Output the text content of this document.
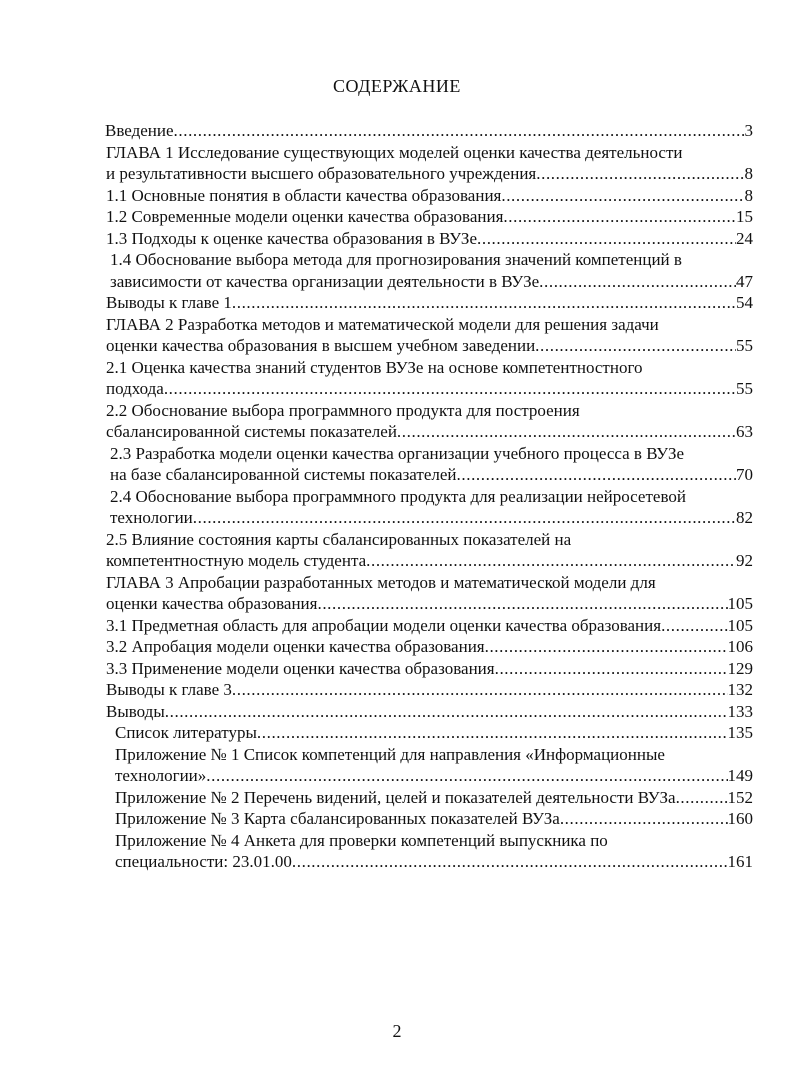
СОДЕРЖАНИЕ
Введение .....	3
ГЛАВА 1 Исследование существующих моделей оценки качества деятельности
и результативности высшего образовательного учреждения .....	8
1.1 Основные понятия в области качества образования .....	8
1.2 Современные модели оценки качества образования .....	15
1.3 Подходы к оценке качества образования в ВУЗе .....	24
1.4 Обоснование выбора метода для прогнозирования значений компетенций в
зависимости от качества организации деятельности в ВУЗе .....	47
Выводы к главе 1 .....	54
ГЛАВА 2 Разработка методов и математической модели для решения задачи
оценки качества образования в высшем учебном заведении .....	55
2.1 Оценка качества знаний студентов ВУЗе на основе компетентностного
подхода .....	55
2.2 Обоснование выбора программного продукта для построения
сбалансированной системы показателей .....	63
2.3 Разработка модели оценки качества организации учебного процесса в ВУЗе
на базе сбалансированной системы показателей .....	70
2.4 Обоснование выбора программного продукта для реализации нейросетевой
технологии .....	82
2.5 Влияние состояния карты сбалансированных показателей на
компетентностную модель студента .....	92
ГЛАВА 3 Апробации разработанных методов и математической модели для
оценки качества образования .....	105
3.1 Предметная область для апробации модели оценки качества образования .....	105
3.2 Апробация модели оценки качества образования .....	106
3.3 Применение модели оценки качества образования .....	129
Выводы к главе 3 .....	132
Выводы .....	133
Список литературы .....	135
Приложение № 1 Список компетенций для направления «Информационные
технологии» .....	149
Приложение № 2 Перечень видений, целей и показателей деятельности ВУЗа .....	152
Приложение № 3 Карта сбалансированных показателей ВУЗа .....	160
Приложение № 4 Анкета для проверки компетенций выпускника по
специальности: 23.01.00 .....	161
2
